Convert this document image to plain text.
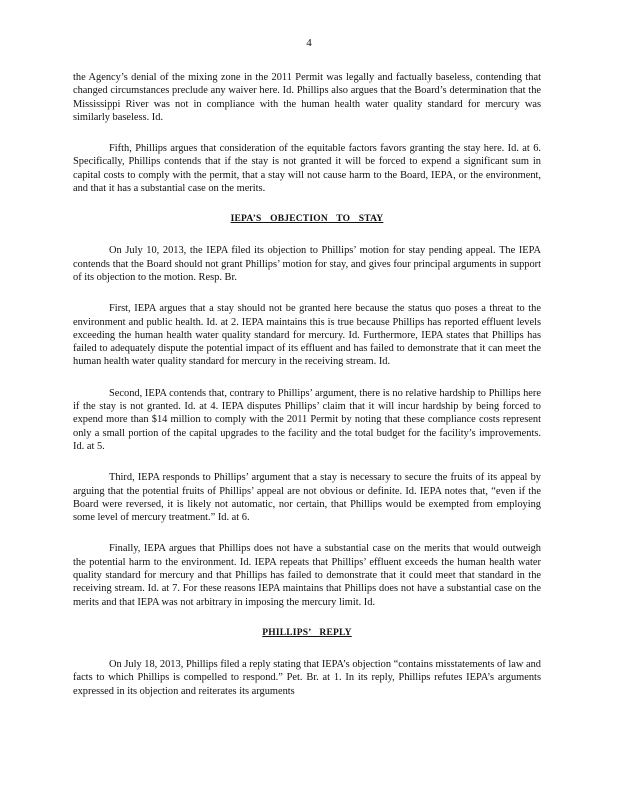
4

the Agency’s denial of the mixing zone in the 2011 Permit was legally and factually baseless, contending that changed circumstances preclude any waiver here. Id. Phillips also argues that the Board’s determination that the Mississippi River was not in compliance with the human health water quality standard for mercury was similarly baseless. Id.

Fifth, Phillips argues that consideration of the equitable factors favors granting the stay here. Id. at 6. Specifically, Phillips contends that if the stay is not granted it will be forced to expend a significant sum in capital costs to comply with the permit, that a stay will not cause harm to the Board, IEPA, or the environment, and that it has a substantial case on the merits.

IEPA’S OBJECTION TO STAY

On July 10, 2013, the IEPA filed its objection to Phillips’ motion for stay pending appeal. The IEPA contends that the Board should not grant Phillips’ motion for stay, and gives four principal arguments in support of its objection to the motion. Resp. Br.

First, IEPA argues that a stay should not be granted here because the status quo poses a threat to the environment and public health. Id. at 2. IEPA maintains this is true because Phillips has reported effluent levels exceeding the human health water quality standard for mercury. Id. Furthermore, IEPA states that Phillips has failed to adequately dispute the potential impact of its effluent and has failed to demonstrate that it can meet the human health water quality standard for mercury in the receiving stream. Id.

Second, IEPA contends that, contrary to Phillips’ argument, there is no relative hardship to Phillips here if the stay is not granted. Id. at 4. IEPA disputes Phillips’ claim that it will incur hardship by being forced to expend more than $14 million to comply with the 2011 Permit by noting that these compliance costs represent only a small portion of the capital upgrades to the facility and the total budget for the facility’s improvements. Id. at 5.

Third, IEPA responds to Phillips’ argument that a stay is necessary to secure the fruits of its appeal by arguing that the potential fruits of Phillips’ appeal are not obvious or definite. Id. IEPA notes that, “even if the Board were reversed, it is likely not automatic, nor certain, that Phillips would be exempted from employing some level of mercury treatment.” Id. at 6.

Finally, IEPA argues that Phillips does not have a substantial case on the merits that would outweigh the potential harm to the environment. Id. IEPA repeats that Phillips’ effluent exceeds the human health water quality standard for mercury and that Phillips has failed to demonstrate that it could meet that standard in the receiving stream. Id. at 7. For these reasons IEPA maintains that Phillips does not have a substantial case on the merits and that IEPA was not arbitrary in imposing the mercury limit. Id.

PHILLIPS’ REPLY

On July 18, 2013, Phillips filed a reply stating that IEPA’s objection “contains misstatements of law and facts to which Phillips is compelled to respond.” Pet. Br. at 1. In its reply, Phillips refutes IEPA’s arguments expressed in its objection and reiterates its arguments
